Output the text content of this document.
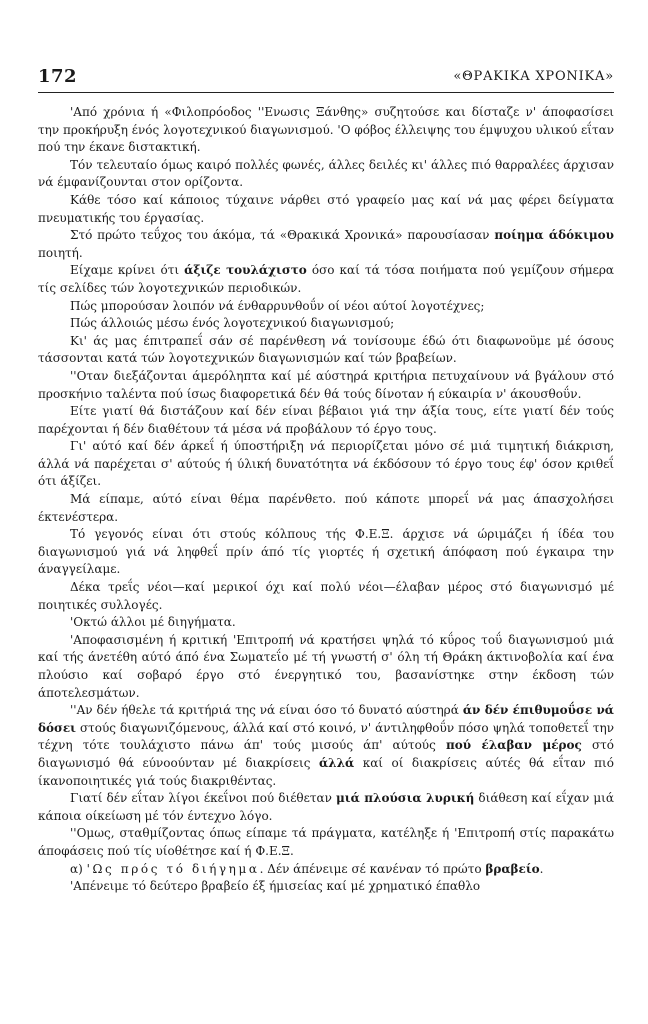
172	«ΘΡΑΚΙΚΑ ΧΡΟΝΙΚΑ»

'Από χρόνια ή «Φιλοπρόοδος ''Ενωσις Ξάνθης» συζητούσε και δίσταζε ν' άποφασίσει την προκήρυξη ένός λογοτεχνικού διαγωνισμού. 'Ο φόβος έλλειψης του έμψυχου υλικού εΐταν πού την έκανε διστακτική.

Τόν τελευταίο όμως καιρό πολλές φωνές, άλλες δειλές κι' άλλες πιό θαρραλέες άρχισαν νά έμφανίζουνται στον ορίζοντα.

Κάθε τόσο καί κάποιος τύχαινε νάρθει στό γραφείο μας καί νά μας φέρει δείγματα πνευματικής του έργασίας.

Στό πρώτο τεΰχος του άκόμα, τά «Θρακικά Χρονικά» παρουσίασαν ποίημα άδόκιμου ποιητή.

Είχαμε κρίνει ότι άξιζε τουλάχιστο όσο καί τά τόσα ποιήματα πού γεμίζουν σήμερα τίς σελίδες τών λογοτεχνικών περιοδικών.

Πώς μπορούσαν λοιπόν νά ένθαρρυνθοΰν οί νέοι αύτοί λογοτέχνες;

Πώς άλλοιώς μέσω ένός λογοτεχνικού διαγωνισμού;

Κι' άς μας έπιτραπεΐ σάν σέ παρένθεση νά τονίσουμε έδώ ότι διαφωνοϋμε μέ όσους τάσσονται κατά τών λογοτεχνικών διαγωνισμών καί τών βραβείων.

''Οταν διεξάζονται άμερόληπτα καί μέ αύστηρά κριτήρια πετυχαίνουν νά βγάλουν στό προσκήνιο ταλέντα πού ίσως διαφορετικά δέν θά τούς δίνοταν ή εύκαιρία ν' άκουσθοΰν.

Είτε γιατί θά διστάζουν καί δέν είναι βέβαιοι γιά την άξία τους, είτε γιατί δέν τούς παρέχονται ή δέν διαθέτουν τά μέσα νά προβάλουν τό έργο τους.

Γι' αύτό καί δέν άρκεΐ ή ύποστήριξη νά περιορίζεται μόνο σέ μιά τιμητική διάκριση, άλλά νά παρέχεται σ' αύτούς ή ύλική δυνατότητα νά έκδόσουν τό έργο τους έφ' όσον κριθεΐ ότι άξίζει.

Μά είπαμε, αύτό είναι θέμα παρένθετο. πού κάποτε μπορεΐ νά μας άπασχολήσει έκτενέστερα.

Τό γεγονός είναι ότι στούς κόλπους τής Φ.Ε.Ξ. άρχισε νά ώριμάζει ή ίδέα του διαγωνισμού γιά νά ληφθεΐ πρίν άπό τίς γιορτές ή σχετική άπόφαση πού έγκαιρα την άναγγείλαμε.

Δέκα τρεΐς νέοι—καί μερικοί όχι καί πολύ νέοι—έλαβαν μέρος στό διαγωνισμό μέ ποιητικές συλλογές.

'Οκτώ άλλοι μέ διηγήματα.

'Αποφασισμένη ή κριτική 'Επιτροπή νά κρατήσει ψηλά τό κΰρος τοΰ διαγωνισμού μιά καί τής άνετέθη αύτό άπό ένα Σωματεΐο μέ τή γνωστή σ' όλη τή Θράκη άκτινοβολία καί ένα πλούσιο καί σοβαρό έργο στό ένεργητικό του, βασανίστηκε στην έκδοση τών άποτελεσμάτων.

''Αν δέν ήθελε τά κριτήριά της νά είναι όσο τό δυνατό αύστηρά άν δέν έπιθυμοΰσε νά δόσει στούς διαγωνιζόμενους, άλλά καί στό κοινό, ν' άντιληφθοΰν πόσο ψηλά τοποθετεΐ την τέχνη τότε τουλάχιστο πάνω άπ' τούς μισούς άπ' αύτούς πού έλαβαν μέρος στό διαγωνισμό θά εύνοούνταν μέ διακρίσεις άλλά καί οί διακρίσεις αύτές θά εΐταν πιό ίκανοποιητικές γιά τούς διακριθέντας.

Γιατί δέν εΐταν λίγοι έκεΐνοι πού διέθεταν μιά πλούσια λυρική διάθεση καί εΐχαν μιά κάποια οίκείωση μέ τόν έντεχνο λόγο.

''Ομως, σταθμίζοντας όπως είπαμε τά πράγματα, κατέληξε ή 'Επιτροπή στίς παρακάτω άποφάσεις πού τίς υίοθέτησε καί ή Φ.Ε.Ξ.

α) 'Ως πρός τό διήγημα. Δέν άπένειμε σέ κανέναν τό πρώτο βραβείο.

'Απένειμε τό δεύτερο βραβείο έξ ήμισείας καί μέ χρηματικό έπαθλο
